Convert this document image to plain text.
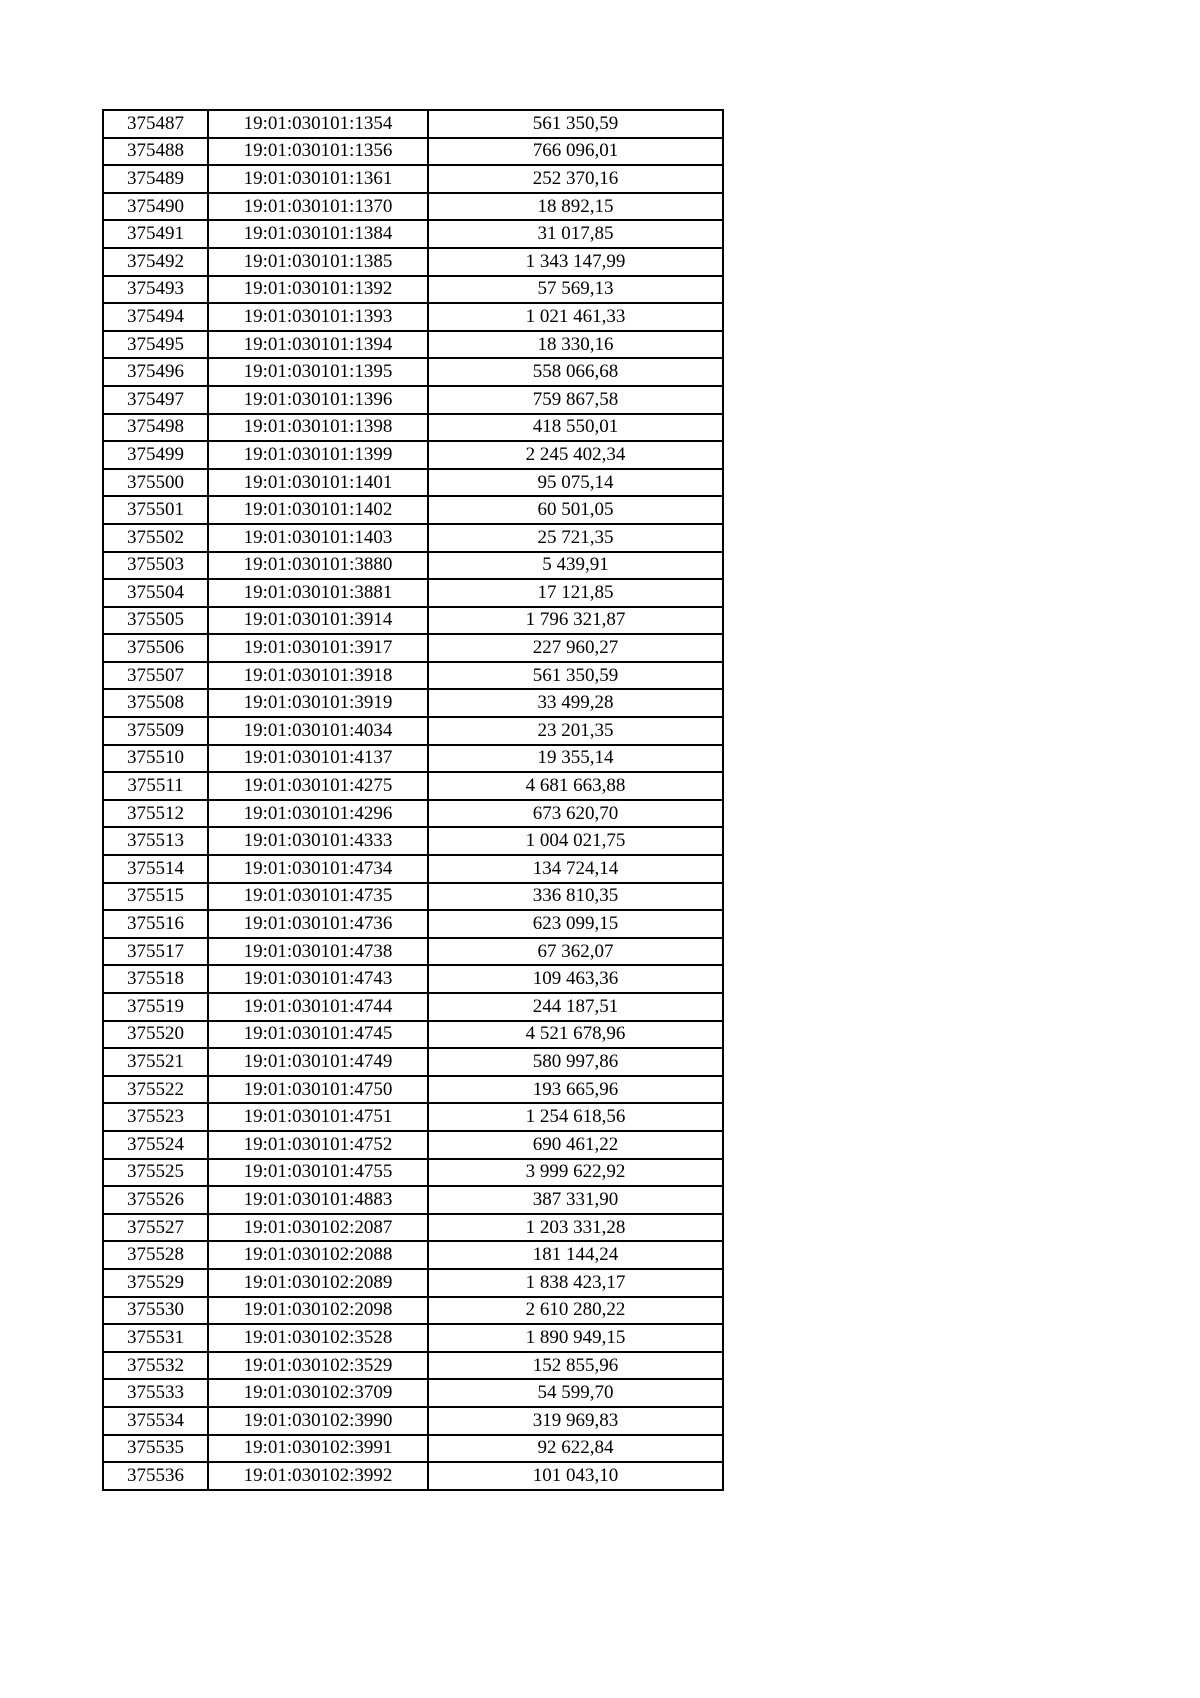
375487	19:01:030101:1354	561 350,59
375488	19:01:030101:1356	766 096,01
375489	19:01:030101:1361	252 370,16
375490	19:01:030101:1370	18 892,15
375491	19:01:030101:1384	31 017,85
375492	19:01:030101:1385	1 343 147,99
375493	19:01:030101:1392	57 569,13
375494	19:01:030101:1393	1 021 461,33
375495	19:01:030101:1394	18 330,16
375496	19:01:030101:1395	558 066,68
375497	19:01:030101:1396	759 867,58
375498	19:01:030101:1398	418 550,01
375499	19:01:030101:1399	2 245 402,34
375500	19:01:030101:1401	95 075,14
375501	19:01:030101:1402	60 501,05
375502	19:01:030101:1403	25 721,35
375503	19:01:030101:3880	5 439,91
375504	19:01:030101:3881	17 121,85
375505	19:01:030101:3914	1 796 321,87
375506	19:01:030101:3917	227 960,27
375507	19:01:030101:3918	561 350,59
375508	19:01:030101:3919	33 499,28
375509	19:01:030101:4034	23 201,35
375510	19:01:030101:4137	19 355,14
375511	19:01:030101:4275	4 681 663,88
375512	19:01:030101:4296	673 620,70
375513	19:01:030101:4333	1 004 021,75
375514	19:01:030101:4734	134 724,14
375515	19:01:030101:4735	336 810,35
375516	19:01:030101:4736	623 099,15
375517	19:01:030101:4738	67 362,07
375518	19:01:030101:4743	109 463,36
375519	19:01:030101:4744	244 187,51
375520	19:01:030101:4745	4 521 678,96
375521	19:01:030101:4749	580 997,86
375522	19:01:030101:4750	193 665,96
375523	19:01:030101:4751	1 254 618,56
375524	19:01:030101:4752	690 461,22
375525	19:01:030101:4755	3 999 622,92
375526	19:01:030101:4883	387 331,90
375527	19:01:030102:2087	1 203 331,28
375528	19:01:030102:2088	181 144,24
375529	19:01:030102:2089	1 838 423,17
375530	19:01:030102:2098	2 610 280,22
375531	19:01:030102:3528	1 890 949,15
375532	19:01:030102:3529	152 855,96
375533	19:01:030102:3709	54 599,70
375534	19:01:030102:3990	319 969,83
375535	19:01:030102:3991	92 622,84
375536	19:01:030102:3992	101 043,10
